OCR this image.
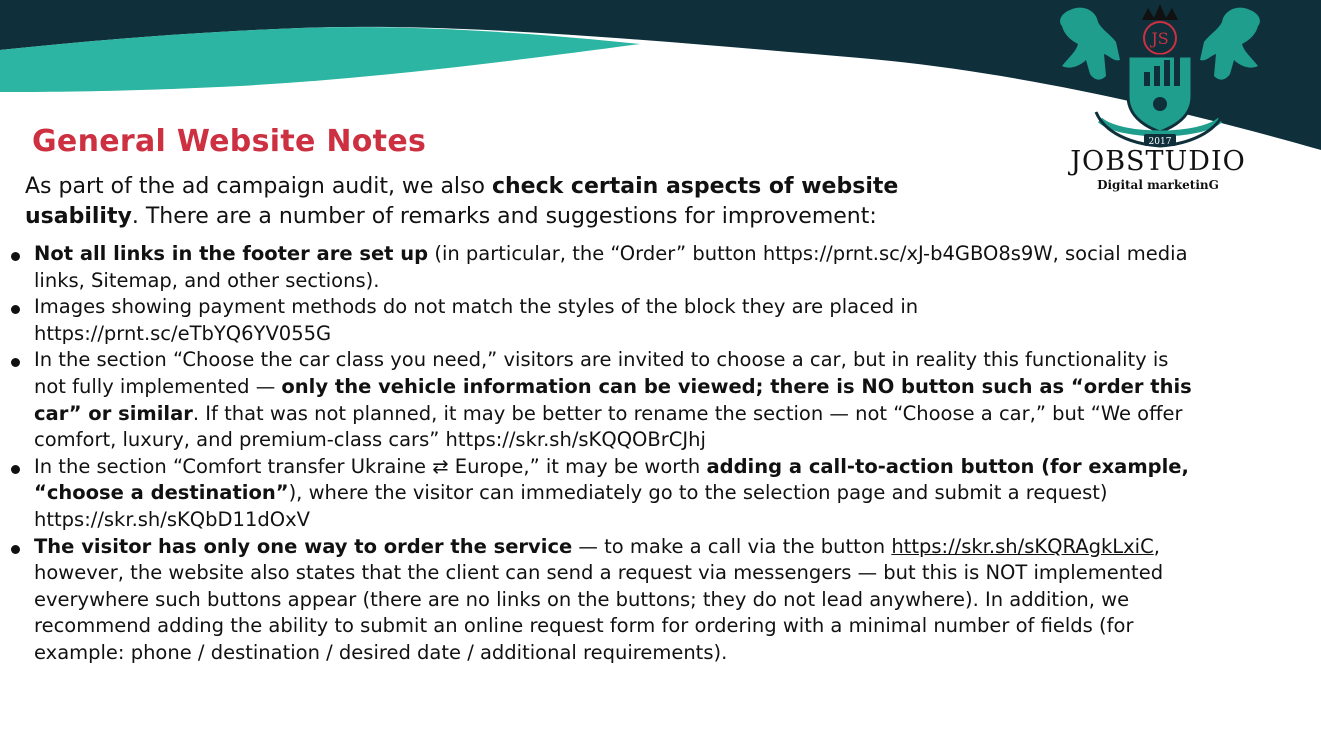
JS
2017
JOBSTUDIO
Digital marketinG
General Website Notes
As part of the ad campaign audit, we also check certain aspects of website
usability. There are a number of remarks and suggestions for improvement:
Not all links in the footer are set up (in particular, the “Order” button https://prnt.sc/xJ-b4GBO8s9W, social media
links, Sitemap, and other sections).
Images showing payment methods do not match the styles of the block they are placed in
https://prnt.sc/eTbYQ6YV055G
In the section “Choose the car class you need,” visitors are invited to choose a car, but in reality this functionality is
not fully implemented — only the vehicle information can be viewed; there is NO button such as “order this
car” or similar. If that was not planned, it may be better to rename the section — not “Choose a car,” but “We offer
comfort, luxury, and premium-class cars” https://skr.sh/sKQQOBrCJhj
In the section “Comfort transfer Ukraine ⇄ Europe,” it may be worth adding a call-to-action button (for example,
“choose a destination”), where the visitor can immediately go to the selection page and submit a request)
https://skr.sh/sKQbD11dOxV
The visitor has only one way to order the service — to make a call via the button https://skr.sh/sKQRAgkLxiC,
however, the website also states that the client can send a request via messengers — but this is NOT implemented
everywhere such buttons appear (there are no links on the buttons; they do not lead anywhere). In addition, we
recommend adding the ability to submit an online request form for ordering with a minimal number of fields (for
example: phone / destination / desired date / additional requirements).
